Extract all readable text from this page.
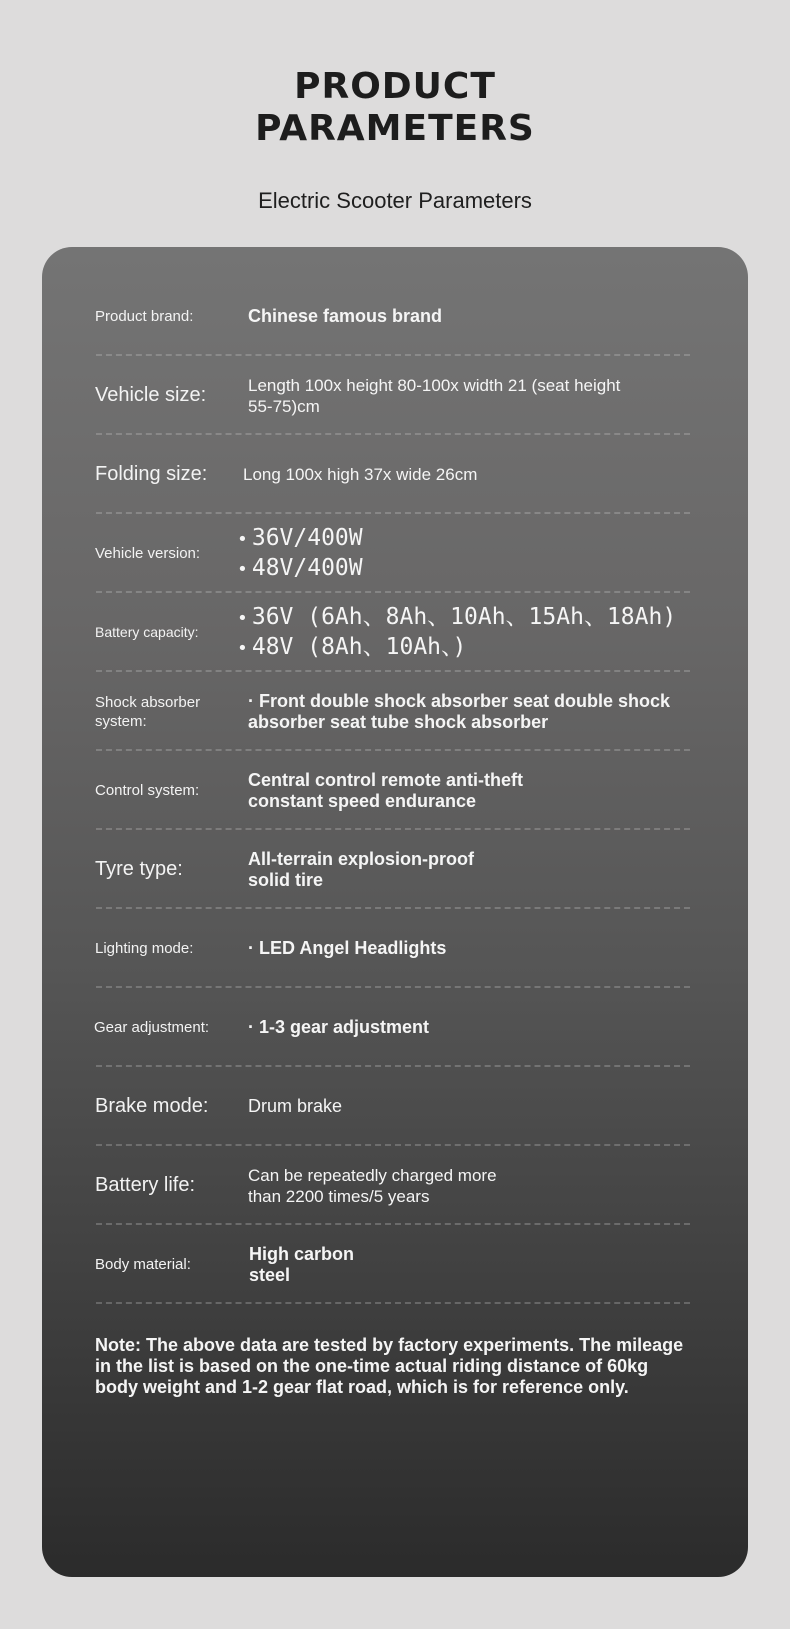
PRODUCT
PARAMETERS
Electric Scooter Parameters
Product brand:	Chinese famous brand
Vehicle size:	Length 100x height 80-100x width 21 (seat height
55-75)cm
Folding size:	Long 100x high 37x wide 26cm
Vehicle version:
• 36V/400W
• 48V/400W
Battery capacity:
• 36V (6Ah、8Ah、10Ah、15Ah、18Ah)
• 48V (8Ah、10Ah、)
Shock absorber system:
· Front double shock absorber seat double shock
absorber seat tube shock absorber
Control system:
Central control remote anti-theft
constant speed endurance
Tyre type:	All-terrain explosion-proof
solid tire
Lighting mode:	· LED Angel Headlights
Gear adjustment:	· 1-3 gear adjustment
Brake mode:	Drum brake
Battery life:	Can be repeatedly charged more
than 2200 times/5 years
Body material:
High carbon
steel
Note: The above data are tested by factory experiments. The mileage in the list is based on the one-time actual riding distance of 60kg body weight and 1-2 gear flat road, which is for reference only.
